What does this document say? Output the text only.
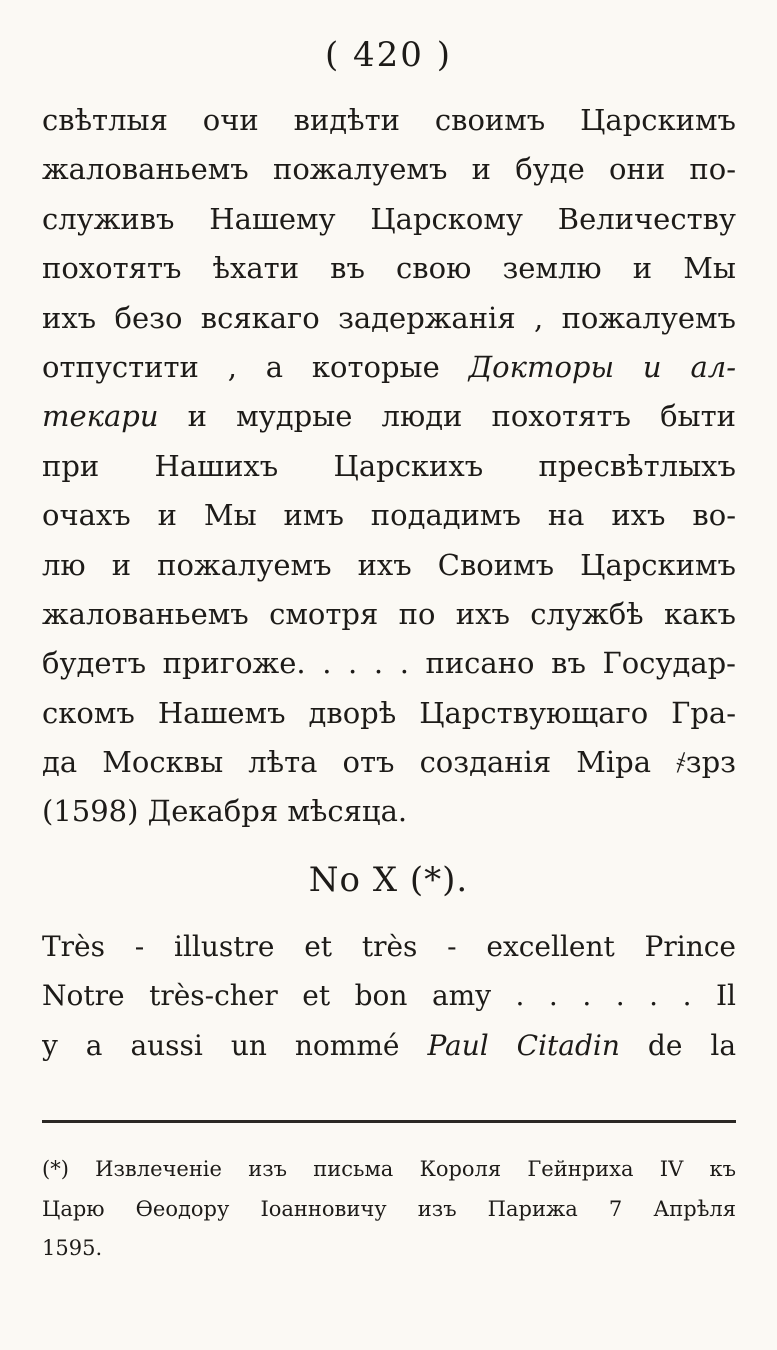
( 420 )
свѣтлыя очи видѣти своимъ Царскимъ
жалованьемъ пожалуемъ и буде они по-
служивъ Нашему Царскому Величеству
похотятъ ѣхати въ свою землю и Мы
ихъ безо всякаго задержанія , пожалуемъ
отпустити , а которые Докторы и ал-
текари и мудрые люди похотятъ быти
при Нашихъ Царскихъ пресвѣтлыхъ
очахъ и Мы имъ подадимъ на ихъ во-
лю и пожалуемъ ихъ Своимъ Царскимъ
жалованьемъ смотря по ихъ службѣ какъ
будетъ пригоже. . . . . писано въ Государ-
скомъ Нашемъ дворѣ Царствующаго Гра-
да Москвы лѣта отъ созданія Міра ҂зрз
(1598) Декабря мѣсяца.
No X (*).
Très - illustre et très - excellent Prince
Notre très-cher et bon amy . . . . . . Il
y a aussi un nommé Paul Citadin de la
(*) Извлеченіе изъ письма Короля Гейнриха IV къ
Царю Ѳеодору Іоанновичу изъ Парижа 7 Апрѣля
1595.
